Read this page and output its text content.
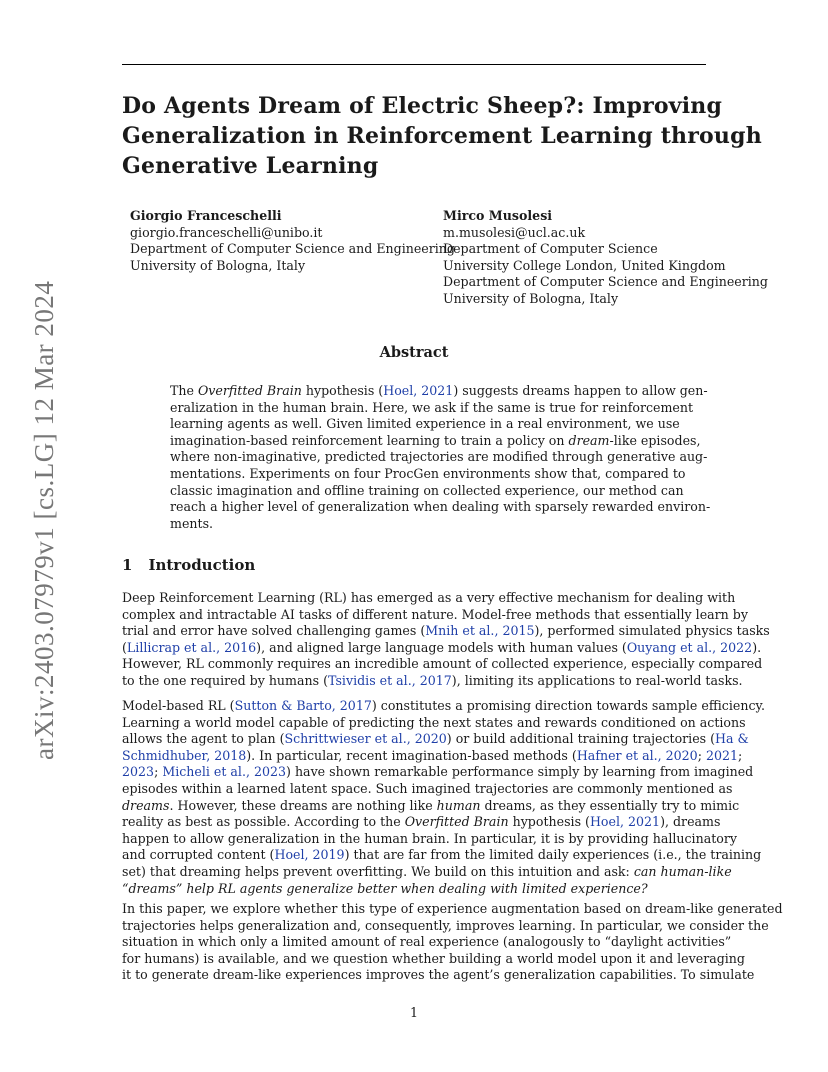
Do Agents Dream of Electric Sheep?: Improving
Generalization in Reinforcement Learning through
Generative Learning
Giorgio Franceschelli
giorgio.franceschelli@unibo.it
Department of Computer Science and Engineering
University of Bologna, Italy
Mirco Musolesi
m.musolesi@ucl.ac.uk
Department of Computer Science
University College London, United Kingdom
Department of Computer Science and Engineering
University of Bologna, Italy
arXiv:2403.07979v1 [cs.LG] 12 Mar 2024	Abstract
The Overfitted Brain hypothesis (Hoel, 2021) suggests dreams happen to allow gen-
eralization in the human brain. Here, we ask if the same is true for reinforcement
learning agents as well. Given limited experience in a real environment, we use
imagination-based reinforcement learning to train a policy on dream-like episodes,
where non-imaginative, predicted trajectories are modified through generative aug-
mentations. Experiments on four ProcGen environments show that, compared to
classic imagination and offline training on collected experience, our method can
reach a higher level of generalization when dealing with sparsely rewarded environ-
ments.
1 Introduction
Deep Reinforcement Learning (RL) has emerged as a very effective mechanism for dealing with
complex and intractable AI tasks of different nature. Model-free methods that essentially learn by
trial and error have solved challenging games (Mnih et al., 2015), performed simulated physics tasks
(Lillicrap et al., 2016), and aligned large language models with human values (Ouyang et al., 2022).
However, RL commonly requires an incredible amount of collected experience, especially compared
to the one required by humans (Tsividis et al., 2017), limiting its applications to real-world tasks.
Model-based RL (Sutton & Barto, 2017) constitutes a promising direction towards sample efficiency.
Learning a world model capable of predicting the next states and rewards conditioned on actions
allows the agent to plan (Schrittwieser et al., 2020) or build additional training trajectories (Ha &
Schmidhuber, 2018). In particular, recent imagination-based methods (Hafner et al., 2020; 2021;
2023; Micheli et al., 2023) have shown remarkable performance simply by learning from imagined
episodes within a learned latent space. Such imagined trajectories are commonly mentioned as
dreams. However, these dreams are nothing like human dreams, as they essentially try to mimic
reality as best as possible. According to the Overfitted Brain hypothesis (Hoel, 2021), dreams
happen to allow generalization in the human brain. In particular, it is by providing hallucinatory
and corrupted content (Hoel, 2019) that are far from the limited daily experiences (i.e., the training
set) that dreaming helps prevent overfitting. We build on this intuition and ask: can human-like
“dreams” help RL agents generalize better when dealing with limited experience?
In this paper, we explore whether this type of experience augmentation based on dream-like generated
trajectories helps generalization and, consequently, improves learning. In particular, we consider the
situation in which only a limited amount of real experience (analogously to “daylight activities”
for humans) is available, and we question whether building a world model upon it and leveraging
it to generate dream-like experiences improves the agent’s generalization capabilities. To simulate
1
